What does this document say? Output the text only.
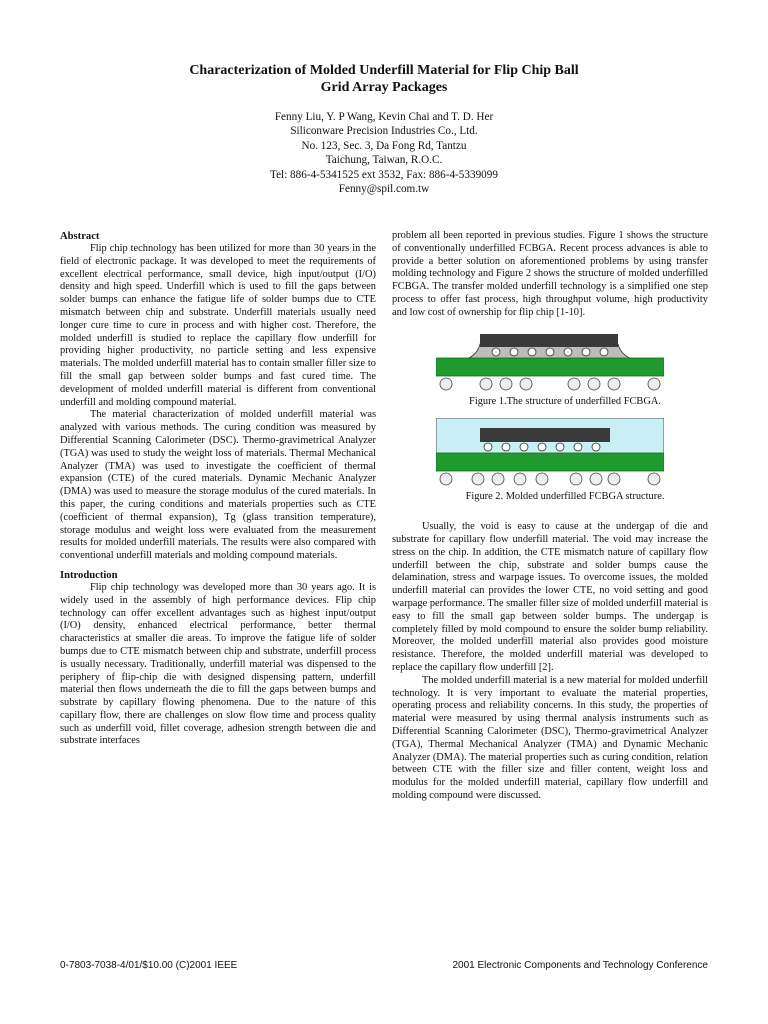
Characterization of Molded Underfill Material for Flip Chip Ball
Grid Array Packages
Fenny Liu, Y. P Wang, Kevin Chai and T. D. Her
Siliconware Precision Industries Co., Ltd.
No. 123, Sec. 3, Da Fong Rd, Tantzu
Taichung, Taiwan, R.O.C.
Tel: 886-4-5341525 ext 3532, Fax: 886-4-5339099
Fenny@spil.com.tw
Abstract

Flip chip technology has been utilized for more than 30 years in the field of electronic package. It was developed to meet the requirements of excellent electrical performance, small device, high input/output (I/O) density and high speed. Underfill which is used to fill the gaps between solder bumps can enhance the fatigue life of solder bumps due to CTE mismatch between chip and substrate. Underfill materials usually need longer cure time to cure in process and with higher cost. Therefore, the molded underfill is studied to replace the capillary flow underfill for providing higher productivity, no particle setting and less expensive materials. The molded underfill material has to contain smaller filler size to fill the small gap between solder bumps and fast cured time. The development of molded underfill material is different from conventional underfill and molding compound material.

The material characterization of molded underfill material was analyzed with various methods. The curing condition was measured by Differential Scanning Calorimeter (DSC). Thermo-gravimetrical Analyzer (TGA) was used to study the weight loss of materials. Thermal Mechanical Analyzer (TMA) was used to investigate the coefficient of thermal expansion (CTE) of the cured materials. Dynamic Mechanic Analyzer (DMA) was used to measure the storage modulus of the cured materials. In this paper, the curing conditions and materials properties such as CTE (coefficient of thermal expansion), Tg (glass transition temperature), storage modulus and weight loss were evaluated from the measurement results for molded underfill materials. The results were also compared with conventional underfill materials and molding compound materials.

Introduction

Flip chip technology was developed more than 30 years ago. It is widely used in the assembly of high performance devices. Flip chip technology can offer excellent advantages such as highest input/output (I/O) density, enhanced electrical performance, better thermal characteristics at smaller die areas. To improve the fatigue life of solder bumps due to CTE mismatch between chip and substrate, underfill process is usually necessary. Traditionally, underfill material was dispensed to the periphery of flip-chip die with designed dispensing pattern, underfill material then flows underneath the die to fill the gaps between bumps and substrate by capillary flowing phenomena. Due to the nature of this capillary flow, there are challenges on slow flow time and process quality such as underfill void, fillet coverage, adhesion strength between die and substrate interfaces

problem all been reported in previous studies. Figure 1 shows the structure of conventionally underfilled FCBGA. Recent process advances is able to provide a better solution on aforementioned problems by using transfer molding technology and Figure 2 shows the structure of molded underfilled FCBGA. The transfer molded underfill technology is a simplified one step process to offer fast process, high throughput volume, high productivity and low cost of ownership for flip chip [1-10].

Figure 1.The structure of underfilled FCBGA.

Figure 2. Molded underfilled FCBGA structure.

Usually, the void is easy to cause at the undergap of die and substrate for capillary flow underfill material. The void may increase the stress on the chip. In addition, the CTE mismatch nature of capillary flow underfill between the chip, substrate and solder bumps cause the delamination, stress and warpage issues. To overcome issues, the molded underfill material can provides the lower CTE, no void setting and good warpage performance. The smaller filler size of molded underfill material is easy to fill the small gap between solder bumps. The undergap is completely filled by mold compound to ensure the solder bump reliability. Moreover, the molded underfill material also provides good moisture resistance. Therefore, the molded underfill material was developed to replace the capillary flow underfill [2].

The molded underfill material is a new material for molded underfill technology. It is very important to evaluate the material properties, operating process and reliability concerns. In this study, the properties of material were measured by using thermal analysis instruments such as Differential Scanning Calorimeter (DSC), Thermo-gravimetrical Analyzer (TGA), Thermal Mechanical Analyzer (TMA) and Dynamic Mechanic Analyzer (DMA). The material properties such as curing condition, relation between CTE with the filler size and filler content, weight loss and modulus for the molded underfill material, capillary flow underfill and molding compound were discussed.

0-7803-7038-4/01/$10.00 (C)2001 IEEE	2001 Electronic Components and Technology Conference
